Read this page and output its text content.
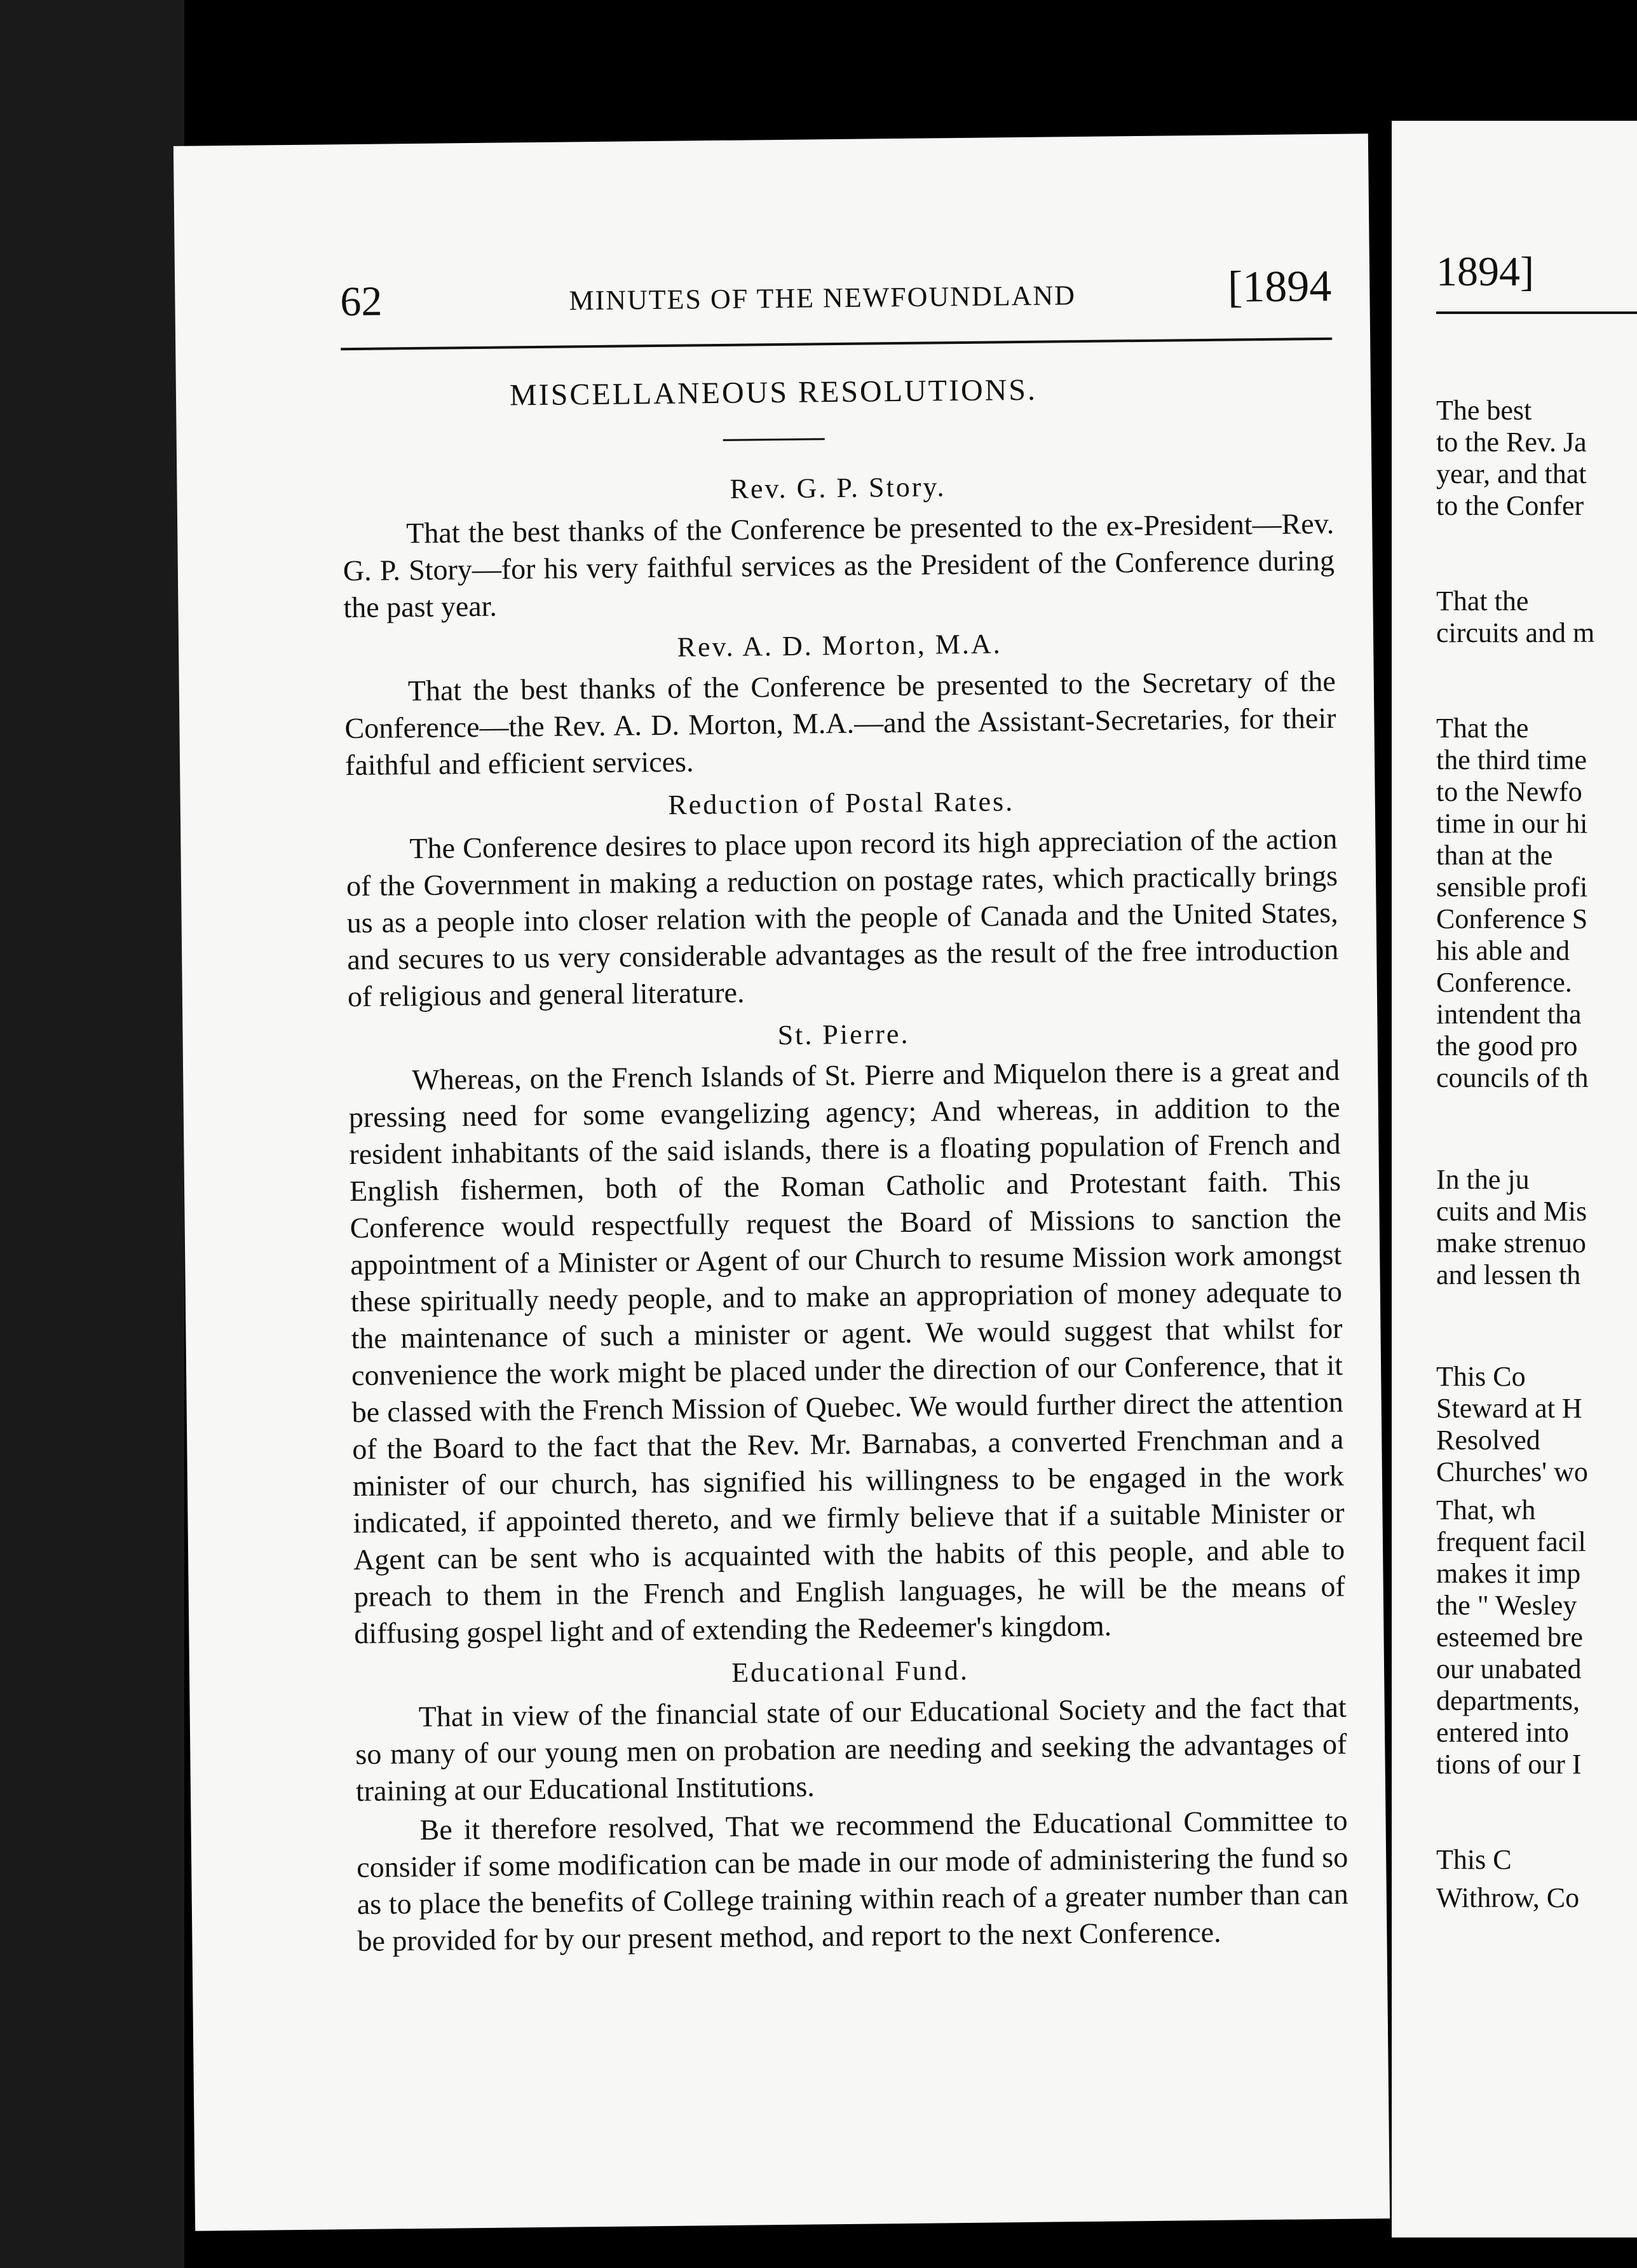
62	MINUTES OF THE NEWFOUNDLAND	[1894
MISCELLANEOUS RESOLUTIONS.
Rev. G. P. Story.

That the best thanks of the Conference be presented to the ex-President—Rev. G. P. Story—for his very faithful services as the President of the Conference during the past year.

Rev. A. D. Morton, M.A.

That the best thanks of the Conference be presented to the Secretary of the Conference—the Rev. A. D. Morton, M.A.—and the Assistant-Secretaries, for their faithful and efficient services.

Reduction of Postal Rates.

The Conference desires to place upon record its high appreciation of the action of the Government in making a reduction on postage rates, which practically brings us as a people into closer relation with the people of Canada and the United States, and secures to us very considerable advantages as the result of the free introduction of religious and general literature.

St. Pierre.

Whereas, on the French Islands of St. Pierre and Miquelon there is a great and pressing need for some evangelizing agency; And whereas, in addition to the resident inhabitants of the said islands, there is a floating population of French and English fishermen, both of the Roman Catholic and Protestant faith. This Conference would respectfully request the Board of Missions to sanction the appointment of a Minister or Agent of our Church to resume Mission work amongst these spiritually needy people, and to make an appropriation of money adequate to the maintenance of such a minister or agent. We would suggest that whilst for convenience the work might be placed under the direction of our Conference, that it be classed with the French Mission of Quebec. We would further direct the attention of the Board to the fact that the Rev. Mr. Barnabas, a converted Frenchman and a minister of our church, has signified his willingness to be engaged in the work indicated, if appointed thereto, and we firmly believe that if a suitable Minister or Agent can be sent who is acquainted with the habits of this people, and able to preach to them in the French and English languages, he will be the means of diffusing gospel light and of extending the Redeemer's kingdom.

Educational Fund.

That in view of the financial state of our Educational Society and the fact that so many of our young men on probation are needing and seeking the advantages of training at our Educational Institutions.

Be it therefore resolved, That we recommend the Educational Committee to consider if some modification can be made in our mode of administering the fund so as to place the benefits of College training within reach of a greater number than can be provided for by our present method, and report to the next Conference.

1894]
The best
to the Rev. Ja
year, and that
to the Confer
That the
circuits and m
That the
the third time
to the Newfo
time in our hi
than at the
sensible profi
Conference S
his able and
Conference.
intendent tha
the good pro
councils of th
In the ju
cuits and Mis
make strenuo
and lessen th
This Co
Steward at H
Resolved
Churches' wo
That, wh
frequent facil
makes it imp
the " Wesley
esteemed bre
our unabated
departments,
entered into
tions of our I
This C
Withrow, Co
